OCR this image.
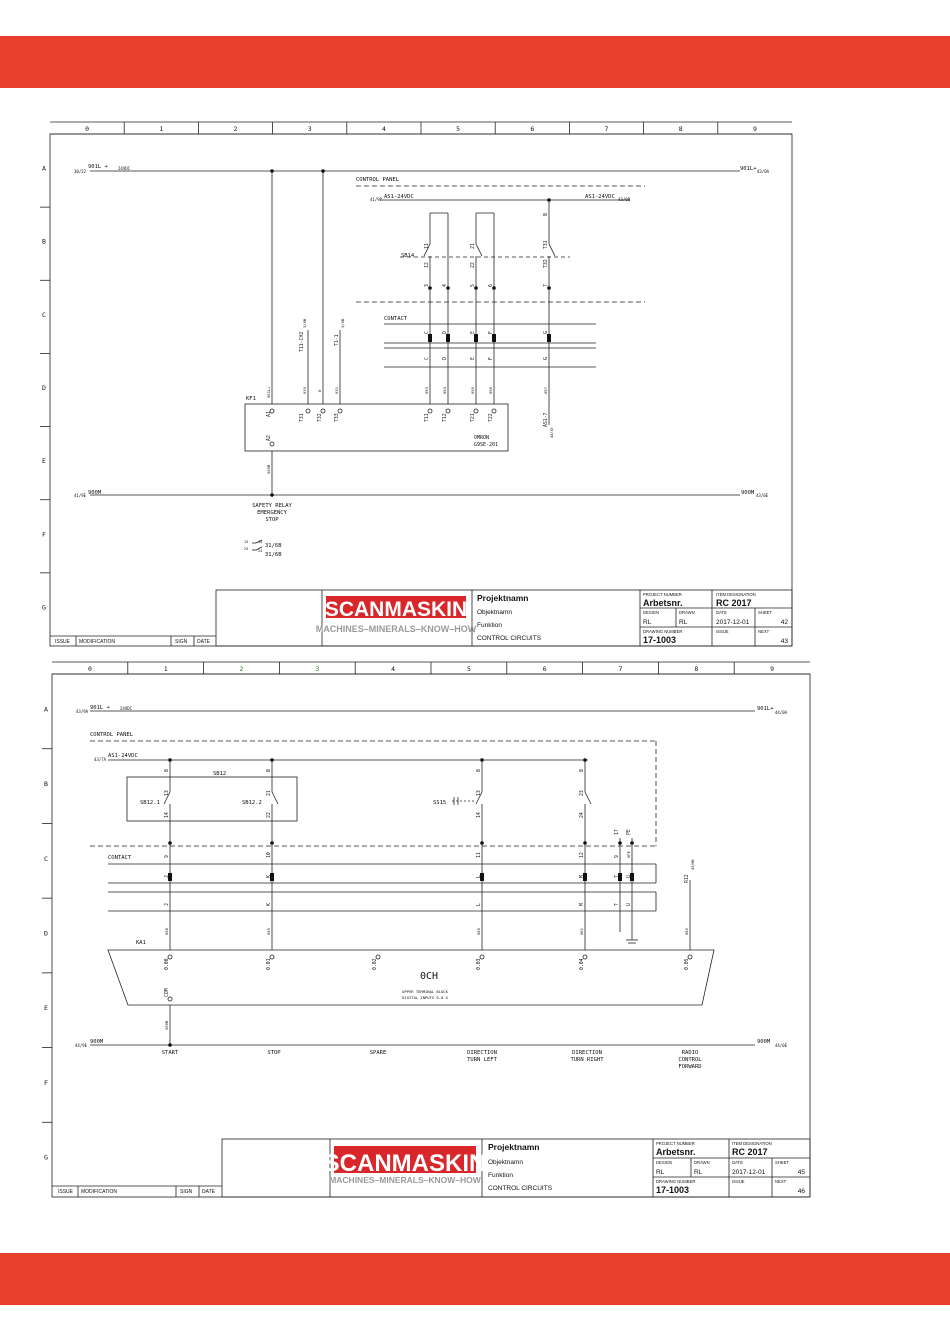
SCANMASKIN
MACHINES–MINERALS–KNOW–HOW
901L +
30/22
24VDC	901L+ 43/0A
900M
41/9E	900M 43/0E
CONTROL PANEL
AS1-24VDC
41/9B	AS1-24VDC 43/0B
SB14
CONTACT
KF1
OMRON
G9SE-201
SAFETY RELAY
EMERGENCY
STOP
31/6B
31/6B
13	14
23	24
11
12
21
22
T31
T32
8
3	4	5	6	7
C	D	E	F	G
C	D	E	F	G
T11-CH2
3/0B
T1-1
3/0B
901L+	039	8	031	053	054	055	056	057
A1
A2
T31	T32	T33	T11	T12	T21	T22	AS1-7
44/3E
900M
ISSUE MODIFICATION	SIGN DATE
Projektnamn
Objektnamn
Funktion
CONTROL CIRCUITS
PROJECT NUMBER
Arbetsnr.
ITEM DESIGNATION
RC 2017
DESIGN
RL
DRAWN
RL
DATE
2017-12-01
SHEET
42
DRAWING NUMBER
17-1003
ISSUE	NEXT
43
SCANMASKIN
MACHINES–MINERALS–KNOW–HOW
901L +
43/9A
24VDC	901L+
44/0A
900M
44/9E
900M
44/0E
CONTROL PANEL
AS1-24VDC
43/7A
SB12
SB12.1	SB12.2	SS15
CONTACT
KA1
0CH
UPPER TERMINAL BLOCK
DIGITAL INPUTS 0.0 X
START	STOP	SPARE	DIRECTION
TURN LEFT
DIRECTION
TURN RIGHT
RADIO
CONTROL
FORWARD
8	8	8	8
13
14
21
22
13
14
23
24
9	10	11	12
17 PE
9 0PE
J	K	L	M	T U
J	K	L	M	T U
R12
45/0B
058	059	060	061	062
0.00	0.01	0.02	0.03	0.04	0.05
COM
900M
ISSUE MODIFICATION	SIGN DATE
Projektnamn
Objektnamn
Funktion
CONTROL CIRCUITS
PROJECT NUMBER
Arbetsnr.
ITEM DESIGNATION
RC 2017
DESIGN
RL
DRAWN
RL
DATE
2017-12-01
SHEET
45
DRAWING NUMBER
17-1003
ISSUE	NEXT
46
0	1	2	3	4	5	6	7	8	9
A
B
C
D
E
F
G
0	1	2	3	4	5	6	7	8	9
A
B
C
D
E
F
G
